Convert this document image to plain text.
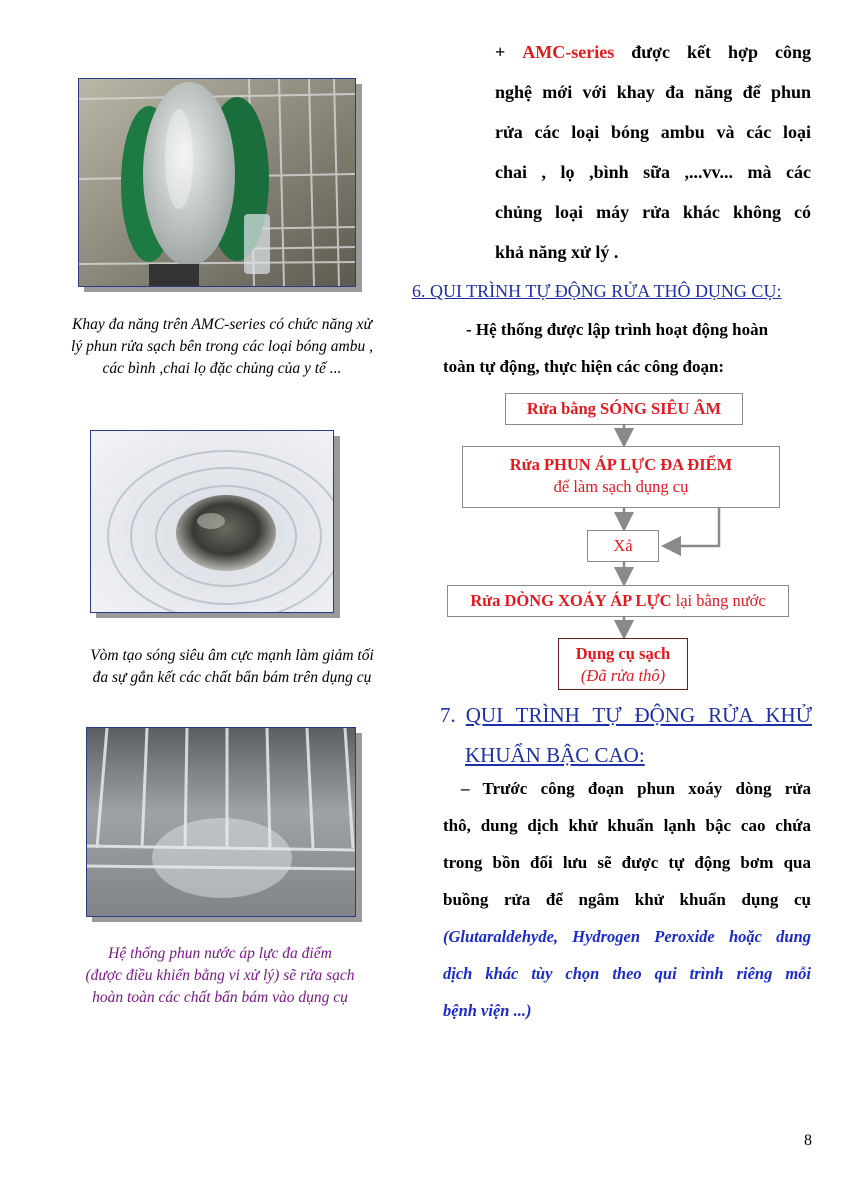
Khay đa năng trên AMC-series có chức năng xử
lý phun rửa sạch bên trong các loại bóng ambu ,
các bình ,chai lọ đặc chủng của y tế ...
Vòm tạo sóng siêu âm cực mạnh làm giảm tối
đa sự gắn kết các chất bẩn bám trên dụng cụ
Hệ thống phun nước áp lực đa điểm
(được điều khiển bằng vi xử lý) sẽ rửa sạch
hoàn toàn các chất bẩn bám vào dụng cụ
+ AMC-series được kết hợp công
nghệ mới với khay đa năng để phun
rửa các loại bóng ambu và các loại
chai , lọ ,bình sữa ,...vv... mà các
chủng loại máy rửa khác không có
khả năng xử lý .
6. QUI TRÌNH TỰ ĐỘNG RỬA THÔ DỤNG CỤ:
- Hệ thống được lập trình hoạt động hoàn
toàn tự động, thực hiện các công đoạn:
Rửa bằng SÓNG SIÊU ÂM
Rửa PHUN ÁP LỰC ĐA ĐIỂM
để làm sạch dụng cụ
Xả
Rửa DÒNG XOÁY ÁP LỰC lại bằng nước
Dụng cụ sạch
(Đã rửa thô)
7. QUI TRÌNH TỰ ĐỘNG RỬA KHỬ
KHUẨN BẬC CAO:
– Trước công đoạn phun xoáy dòng rửa
thô, dung dịch khử khuẩn lạnh bậc cao chứa
trong bồn đối lưu sẽ được tự động bơm qua
buồng rửa để ngâm khử khuẩn dụng cụ
(Glutaraldehyde, Hydrogen Peroxide hoặc dung
dịch khác tùy chọn theo qui trình riêng mỗi
bệnh viện ...)
8
